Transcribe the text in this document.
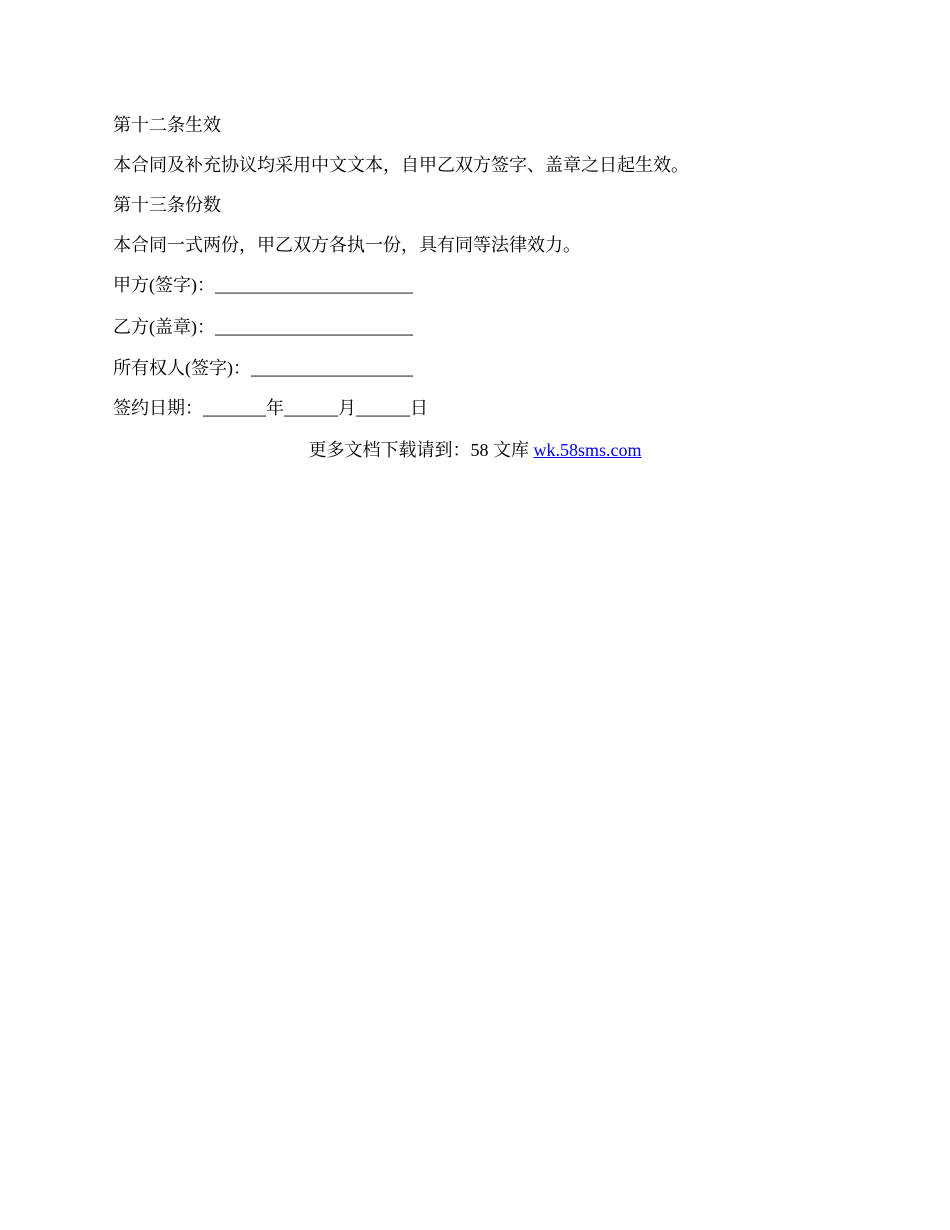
第十二条生效
本合同及补充协议均采用中文文本，自甲乙双方签字、盖章之日起生效。
第十三条份数
本合同一式两份，甲乙双方各执一份，具有同等法律效力。
甲方(签字)：______________________
乙方(盖章)：______________________
所有权人(签字)：__________________
签约日期：_______年______月______日
更多文档下载请到：58 文库 wk.58sms.com
